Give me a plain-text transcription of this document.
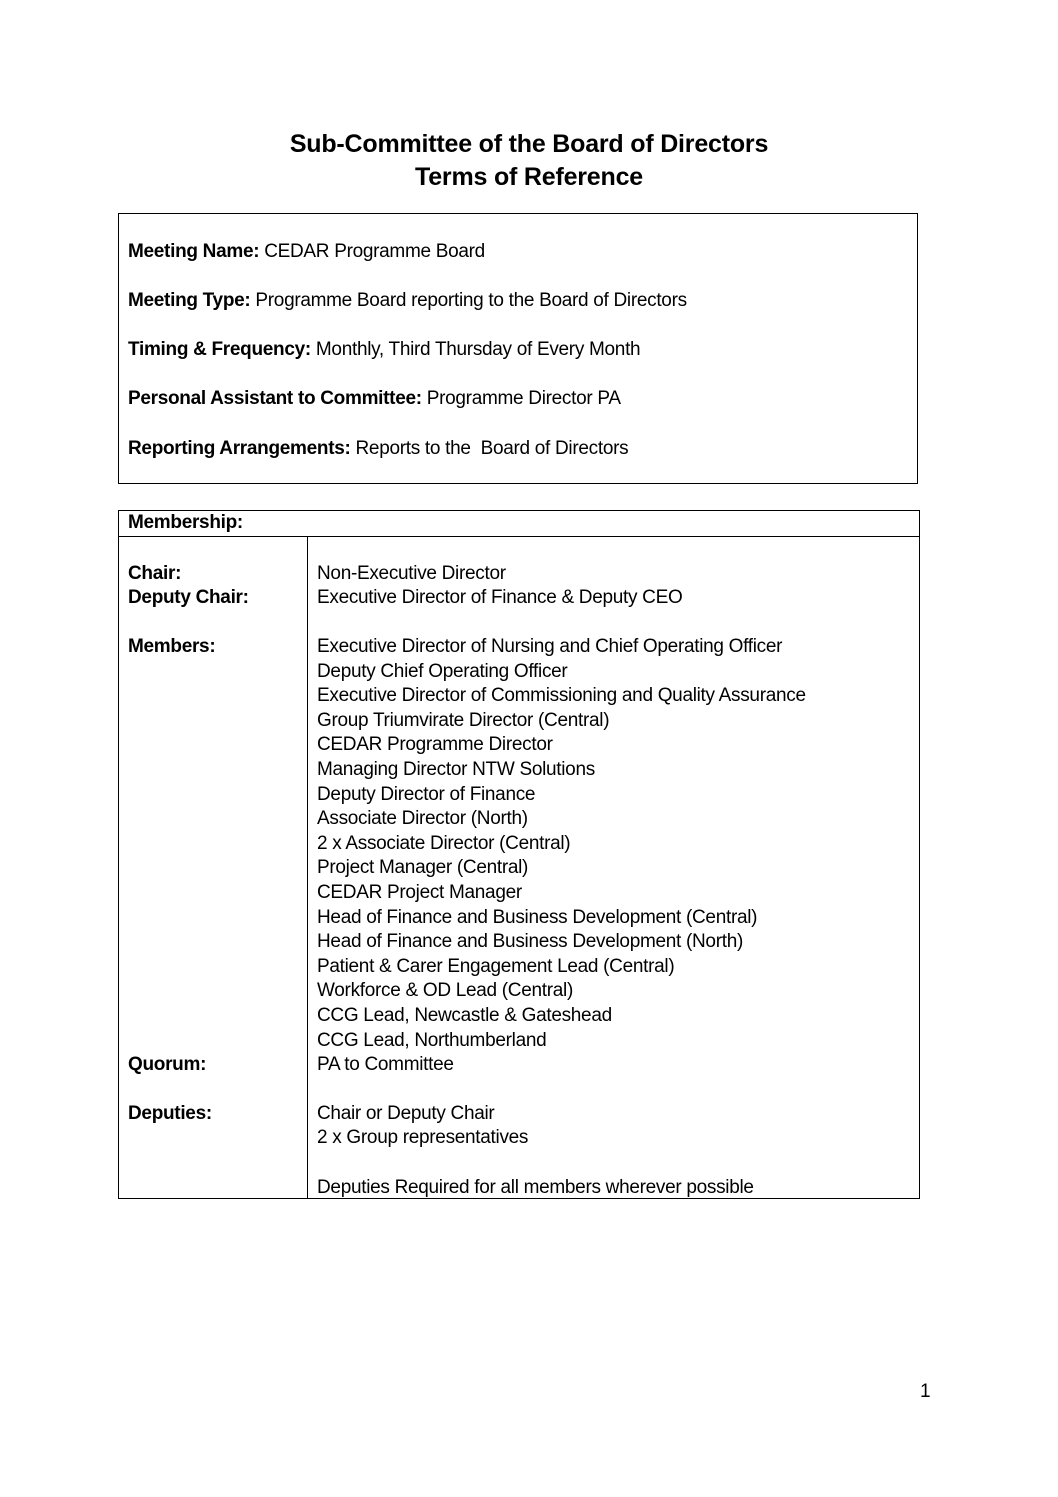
Sub-Committee of the Board of Directors
Terms of Reference
Meeting Name: CEDAR Programme Board
Meeting Type: Programme Board reporting to the Board of Directors
Timing & Frequency: Monthly, Third Thursday of Every Month
Personal Assistant to Committee: Programme Director PA
Reporting Arrangements: Reports to the  Board of Directors
Membership:
Chair:	Non-Executive Director
Deputy Chair:	Executive Director of Finance & Deputy CEO
Members:	Executive Director of Nursing and Chief Operating Officer
Deputy Chief Operating Officer
Executive Director of Commissioning and Quality Assurance
Group Triumvirate Director (Central)
CEDAR Programme Director
Managing Director NTW Solutions
Deputy Director of Finance
Associate Director (North)
2 x Associate Director (Central)
Project Manager (Central)
CEDAR Project Manager
Head of Finance and Business Development (Central)
Head of Finance and Business Development (North)
Patient & Carer Engagement Lead (Central)
Workforce & OD Lead (Central)
CCG Lead, Newcastle & Gateshead
CCG Lead, Northumberland
Quorum:	PA to Committee
Deputies:	Chair or Deputy Chair
2 x Group representatives
Deputies Required for all members wherever possible
1
